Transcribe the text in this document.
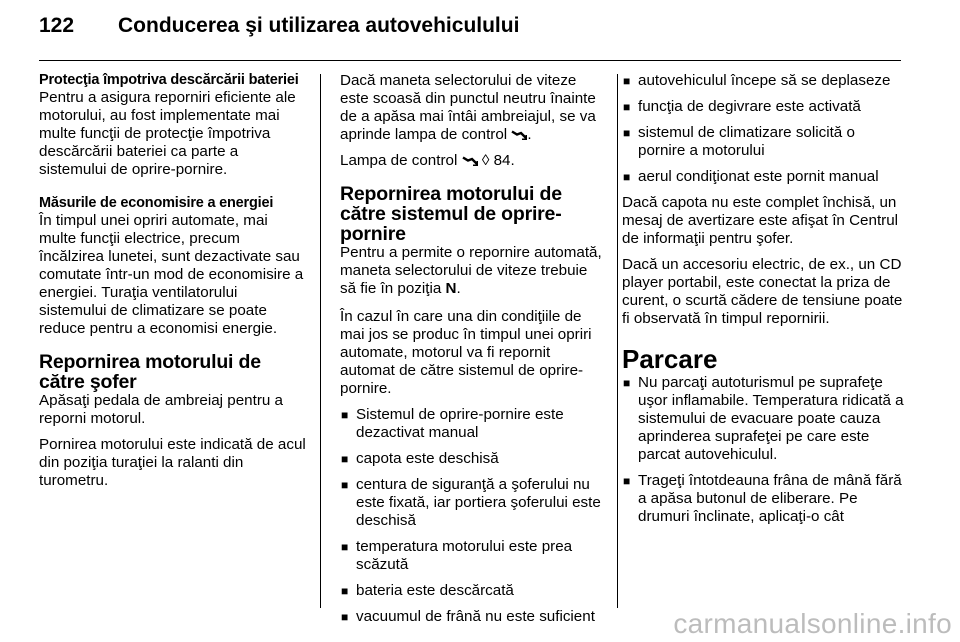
122 Conducerea şi utilizarea autovehiculului
Protecţia împotriva descărcării bateriei

Pentru a asigura reporniri eficiente ale motorului, au fost implementate mai multe funcţii de protecţie împotriva descărcării bateriei ca parte a sistemului de oprire-pornire.

Măsurile de economisire a energiei

În timpul unei opriri automate, mai multe funcţii electrice, precum încălzirea lunetei, sunt dezactivate sau comutate într-un mod de economisire a energiei. Turaţia ventilatorului sistemului de climatizare se poate reduce pentru a economisi energie.

Repornirea motorului de către şofer

Apăsaţi pedala de ambreiaj pentru a reporni motorul.

Pornirea motorului este indicată de acul din poziţia turaţiei la ralanti din turometru.

Dacă maneta selectorului de viteze este scoasă din punctul neutru înainte de a apăsa mai întâi ambreiajul, se va aprinde lampa de control .

Lampa de control ◊ 84.

Repornirea motorului de către sistemul de oprire-pornire

Pentru a permite o repornire automată, maneta selectorului de viteze trebuie să fie în poziţia N.

În cazul în care una din condiţiile de mai jos se produc în timpul unei opriri automate, motorul va fi repornit automat de către sistemul de oprire-pornire.

■ Sistemul de oprire-pornire este dezactivat manual
■ capota este deschisă
■ centura de siguranţă a şoferului nu este fixată, iar portiera şoferului este deschisă
■ temperatura motorului este prea scăzută
■ bateria este descărcată
■ vacuumul de frână nu este suficient
■ autovehiculul începe să se deplaseze
■ funcţia de degivrare este activată
■ sistemul de climatizare solicită o pornire a motorului
■ aerul condiţionat este pornit manual

Dacă capota nu este complet închisă, un mesaj de avertizare este afişat în Centrul de informaţii pentru şofer.

Dacă un accesoriu electric, de ex., un CD player portabil, este conectat la priza de curent, o scurtă cădere de tensiune poate fi observată în timpul repornirii.

Parcare
■ Nu parcaţi autoturismul pe suprafeţe uşor inflamabile. Temperatura ridicată a sistemului de evacuare poate cauza aprinderea suprafeţei pe care este parcat autovehiculul.
■ Trageţi întotdeauna frâna de mână fără a apăsa butonul de eliberare. Pe drumuri înclinate, aplicaţi-o cât
carmanualsonline.info
